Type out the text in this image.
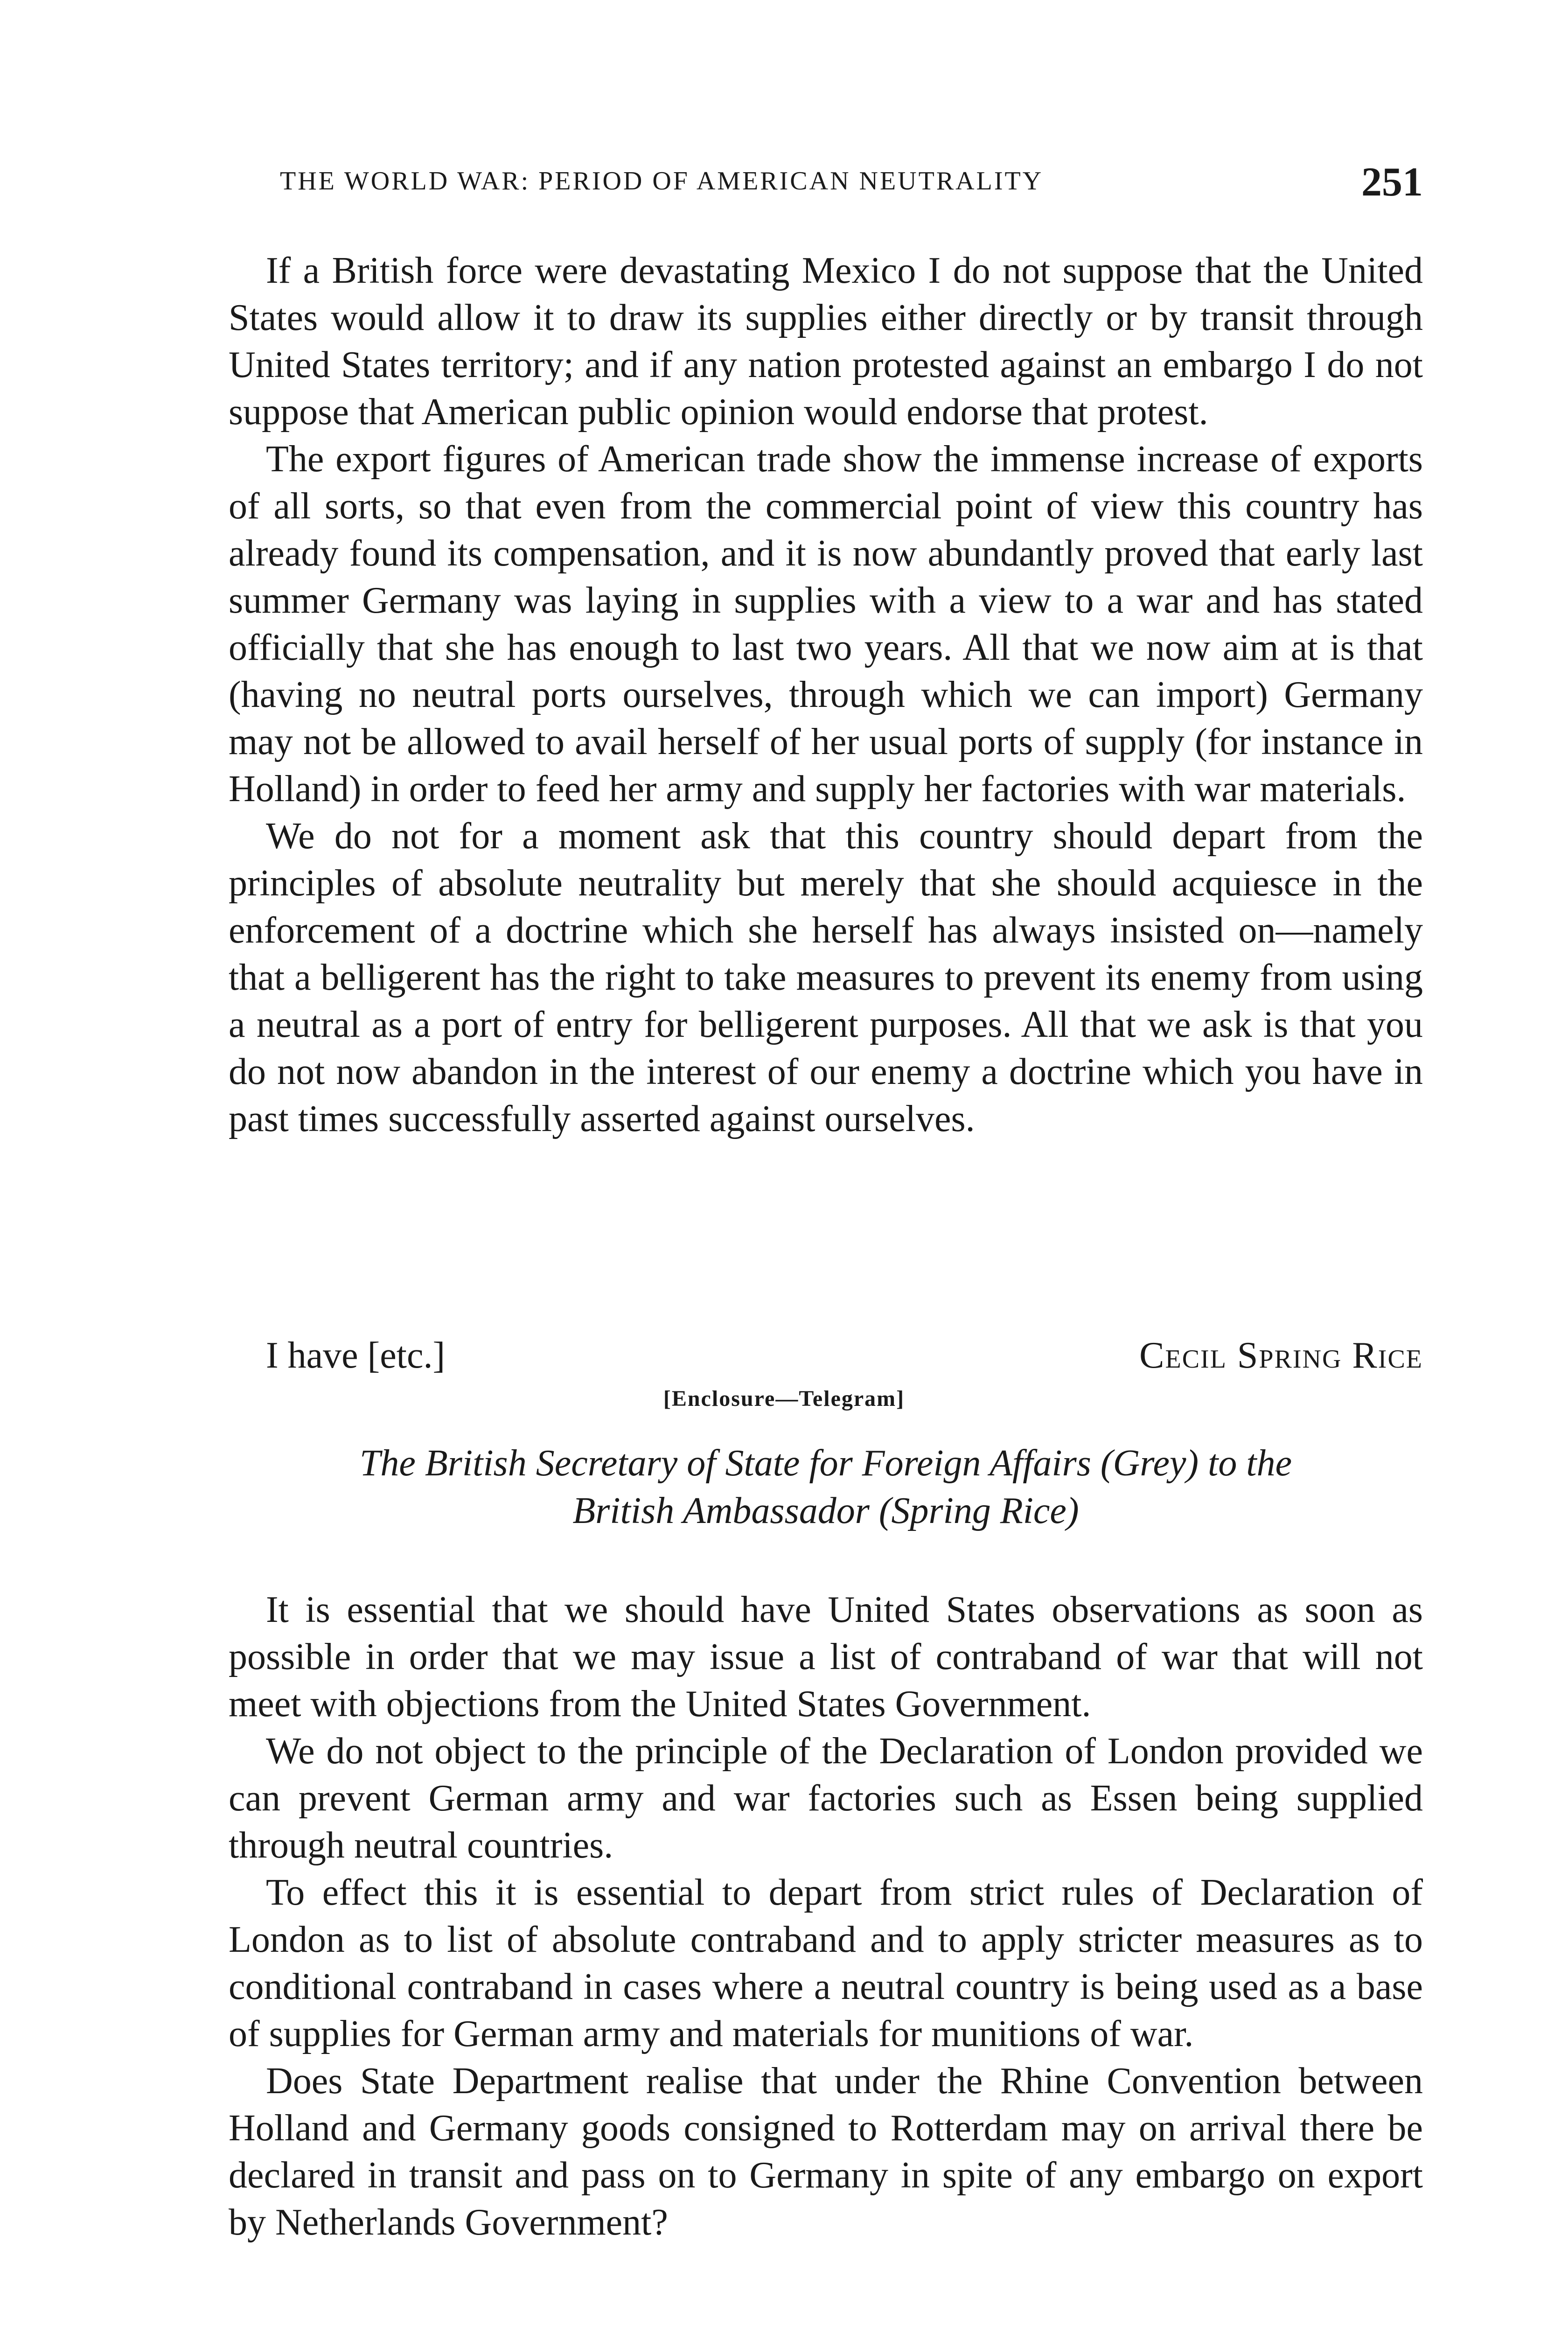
THE WORLD WAR: PERIOD OF AMERICAN NEUTRALITY	251

If a British force were devastating Mexico I do not suppose that the United States would allow it to draw its supplies either directly or by transit through United States territory; and if any nation protested against an embargo I do not suppose that American public opinion would endorse that protest.

The export figures of American trade show the immense increase of exports of all sorts, so that even from the commercial point of view this country has already found its compensation, and it is now abundantly proved that early last summer Germany was laying in supplies with a view to a war and has stated officially that she has enough to last two years. All that we now aim at is that (having no neutral ports ourselves, through which we can import) Germany may not be allowed to avail herself of her usual ports of supply (for instance in Holland) in order to feed her army and supply her factories with war materials.

We do not for a moment ask that this country should depart from the principles of absolute neutrality but merely that she should acquiesce in the enforcement of a doctrine which she herself has always insisted on—namely that a belligerent has the right to take measures to prevent its enemy from using a neutral as a port of entry for belligerent purposes. All that we ask is that you do not now abandon in the interest of our enemy a doctrine which you have in past times successfully asserted against ourselves.

I have [etc.]	Cecil Spring Rice
[Enclosure—Telegram]
The British Secretary of State for Foreign Affairs (Grey) to the
British Ambassador (Spring Rice)

It is essential that we should have United States observations as soon as possible in order that we may issue a list of contraband of war that will not meet with objections from the United States Government.

We do not object to the principle of the Declaration of London provided we can prevent German army and war factories such as Essen being supplied through neutral countries.

To effect this it is essential to depart from strict rules of Declaration of London as to list of absolute contraband and to apply stricter measures as to conditional contraband in cases where a neutral country is being used as a base of supplies for German army and materials for munitions of war.

Does State Department realise that under the Rhine Convention between Holland and Germany goods consigned to Rotterdam may on arrival there be declared in transit and pass on to Germany in spite of any embargo on export by Netherlands Government?
